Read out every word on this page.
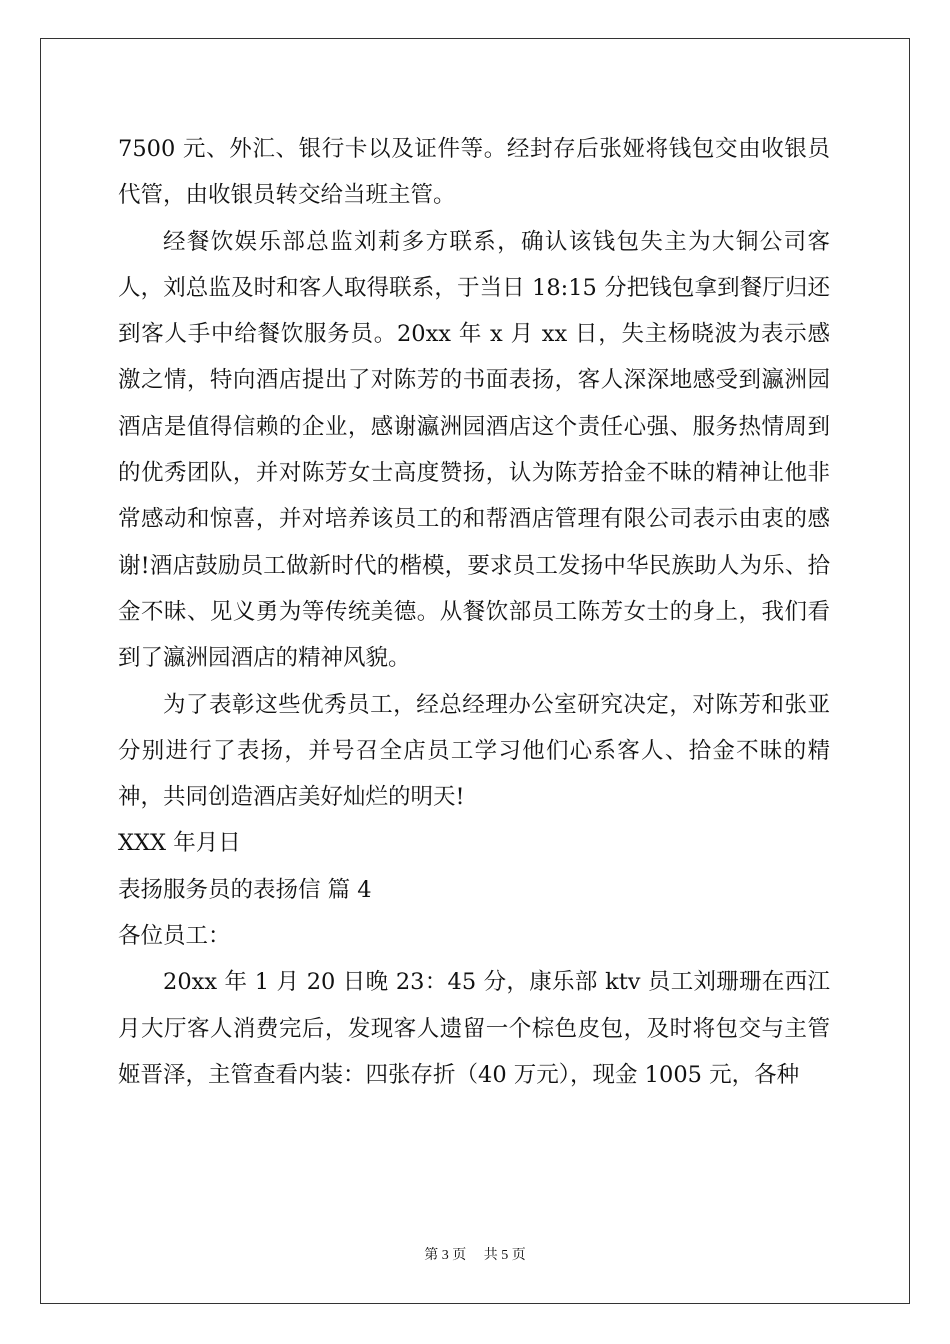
7500 元、外汇、银行卡以及证件等。经封存后张娅将钱包交由收银员代管，由收银员转交给当班主管。

经餐饮娱乐部总监刘莉多方联系，确认该钱包失主为大铜公司客人，刘总监及时和客人取得联系，于当日 18:15 分把钱包拿到餐厅归还到客人手中给餐饮服务员。20xx 年 x 月 xx 日，失主杨晓波为表示感激之情，特向酒店提出了对陈芳的书面表扬，客人深深地感受到瀛洲园酒店是值得信赖的企业，感谢瀛洲园酒店这个责任心强、服务热情周到的优秀团队，并对陈芳女士高度赞扬，认为陈芳拾金不昧的精神让他非常感动和惊喜，并对培养该员工的和帮酒店管理有限公司表示由衷的感谢!酒店鼓励员工做新时代的楷模，要求员工发扬中华民族助人为乐、拾金不昧、见义勇为等传统美德。从餐饮部员工陈芳女士的身上，我们看到了瀛洲园酒店的精神风貌。

为了表彰这些优秀员工，经总经理办公室研究决定，对陈芳和张亚分别进行了表扬，并号召全店员工学习他们心系客人、拾金不昧的精神，共同创造酒店美好灿烂的明天!

XXX 年月日

表扬服务员的表扬信 篇 4

各位员工：

20xx 年 1 月 20 日晚 23：45 分，康乐部 ktv 员工刘珊珊在西江月大厅客人消费完后，发现客人遗留一个棕色皮包，及时将包交与主管姬晋泽，主管查看内装：四张存折（40 万元），现金 1005 元，各种

第 3 页 共 5 页
